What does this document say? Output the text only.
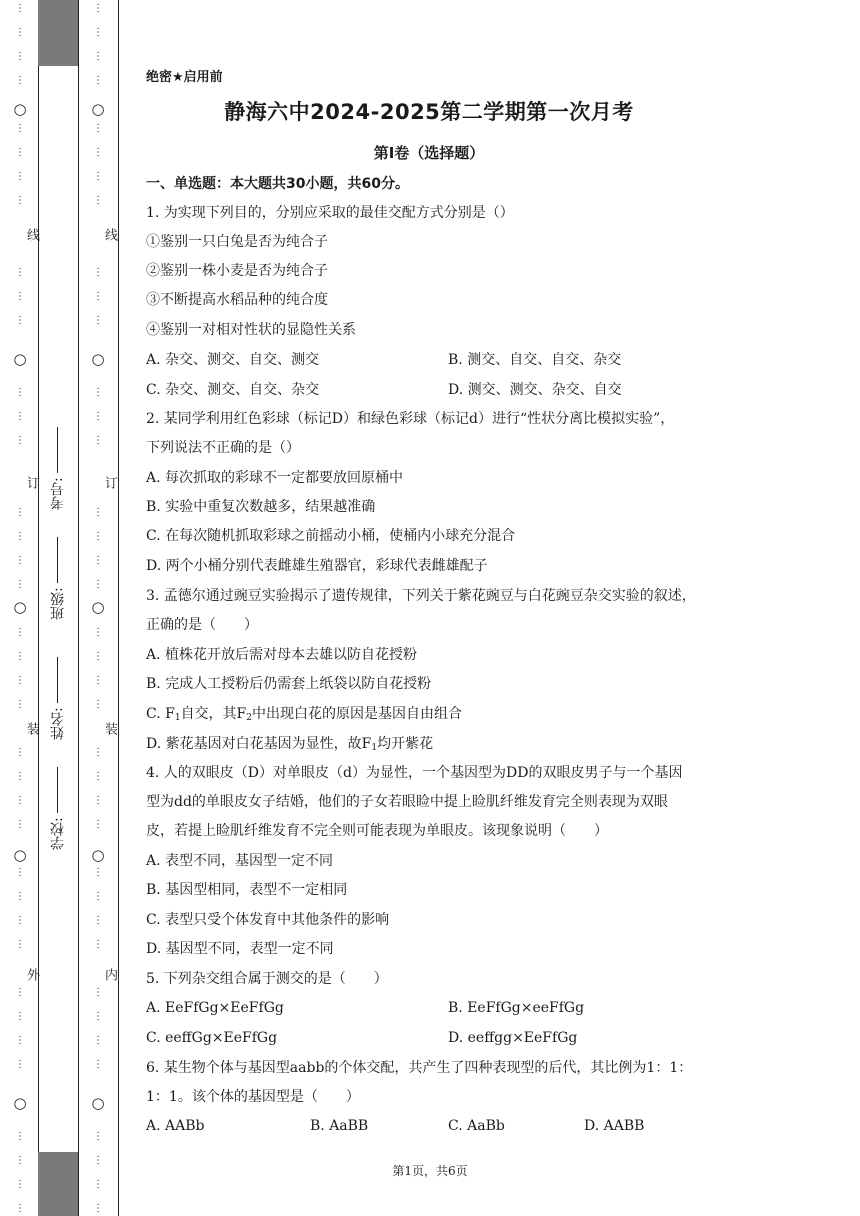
○
○
○
○
○
线
订
装
外
⋮
⋮
⋮
⋮
⋮
⋮
⋮
⋮
⋮
⋮
⋮
⋮
⋮
⋮
⋮
⋮
⋮
⋮
⋮
⋮
⋮
⋮
⋮
⋮
⋮
⋮
⋮
⋮
⋮
⋮
⋮
⋮
⋮
⋮
⋮
⋮
⋮
⋮
○
○
○
○
○
线
订
装
内
⋮
⋮
⋮
⋮
⋮
⋮
⋮
⋮
⋮
⋮
⋮
⋮
⋮
⋮
⋮
⋮
⋮
⋮
⋮
⋮
⋮
⋮
⋮
⋮
⋮
⋮
⋮
⋮
⋮
⋮
⋮
⋮
⋮
⋮
⋮
⋮
⋮
⋮
学校:
姓名:
班级:
考号:
绝密★启用前
静海六中2024-2025第二学期第一次月考
第I卷（选择题）
一、单选题：本大题共30小题，共60分。
1. 为实现下列目的，分别应采取的最佳交配方式分别是（）
①鉴别一只白兔是否为纯合子
②鉴别一株小麦是否为纯合子
③不断提高水稻品种的纯合度
④鉴别一对相对性状的显隐性关系
A. 杂交、测交、自交、测交	B. 测交、自交、自交、杂交
C. 杂交、测交、自交、杂交	D. 测交、测交、杂交、自交
2. 某同学利用红色彩球（标记D）和绿色彩球（标记d）进行“性状分离比模拟实验”，
下列说法不正确的是（）
A. 每次抓取的彩球不一定都要放回原桶中
B. 实验中重复次数越多，结果越准确
C. 在每次随机抓取彩球之前摇动小桶，使桶内小球充分混合
D. 两个小桶分别代表雌雄生殖器官，彩球代表雌雄配子
3. 孟德尔通过豌豆实验揭示了遗传规律，下列关于紫花豌豆与白花豌豆杂交实验的叙述，
正确的是（　　）
A. 植株花开放后需对母本去雄以防自花授粉
B. 完成人工授粉后仍需套上纸袋以防自花授粉
C. $F_1$自交，其$F_2$中出现白花的原因是基因自由组合
D. 紫花基因对白花基因为显性，故$F_1$均开紫花
4. 人的双眼皮（D）对单眼皮（d）为显性，一个基因型为DD的双眼皮男子与一个基因
型为dd的单眼皮女子结婚，他们的子女若眼睑中提上睑肌纤维发育完全则表现为双眼
皮，若提上睑肌纤维发育不完全则可能表现为单眼皮。该现象说明（　　）
A. 表型不同，基因型一定不同
B. 基因型相同，表型不一定相同
C. 表型只受个体发育中其他条件的影响
D. 基因型不同，表型一定不同
5. 下列杂交组合属于测交的是（　　）
A. EeFfGg×EeFfGg	B. EeFfGg×eeFfGg
C. eeffGg×EeFfGg	D. eeffgg×EeFfGg
6. 某生物个体与基因型aabb的个体交配，共产生了四种表现型的后代，其比例为1：1：
1：1。该个体的基因型是（　　）
A. AABb	B. AaBB	C. AaBb	D. AABB
第1页，共6页
